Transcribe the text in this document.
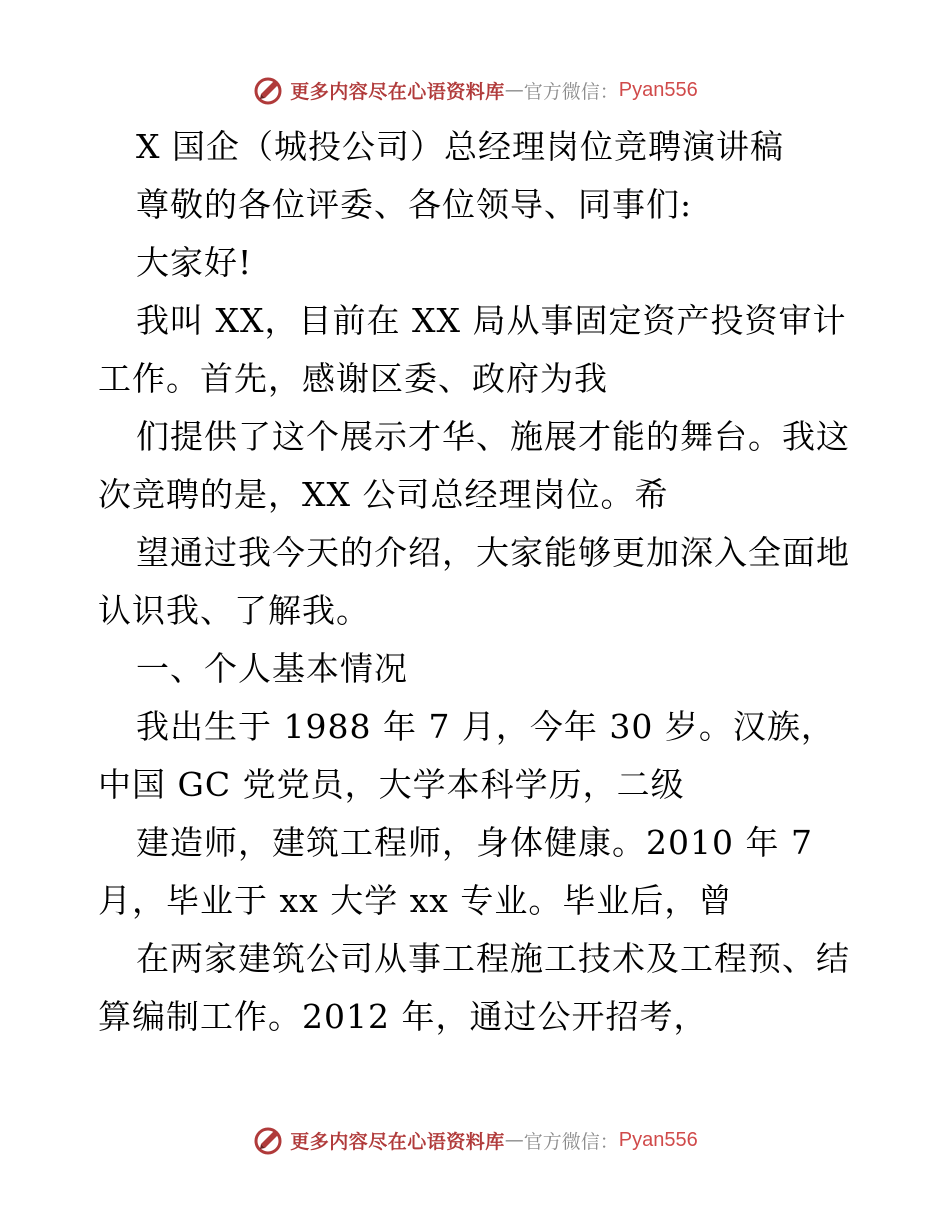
更多内容尽在心语资料库 — 官方微信： Pyan556
X 国企（城投公司）总经理岗位竞聘演讲稿
尊敬的各位评委、各位领导、同事们:
大家好!
我叫 XX，目前在 XX 局从事固定资产投资审计
工作。首先，感谢区委、政府为我
们提供了这个展示才华、施展才能的舞台。我这
次竞聘的是，XX 公司总经理岗位。希
望通过我今天的介绍，大家能够更加深入全面地
认识我、了解我。
一、个人基本情况
我出生于 1988 年 7 月，今年 30 岁。汉族，
中国 GC 党党员，大学本科学历，二级
建造师，建筑工程师，身体健康。2010 年 7
月，毕业于 xx 大学 xx 专业。毕业后，曾
在两家建筑公司从事工程施工技术及工程预、结
算编制工作。2012 年，通过公开招考，
更多内容尽在心语资料库 — 官方微信： Pyan556
